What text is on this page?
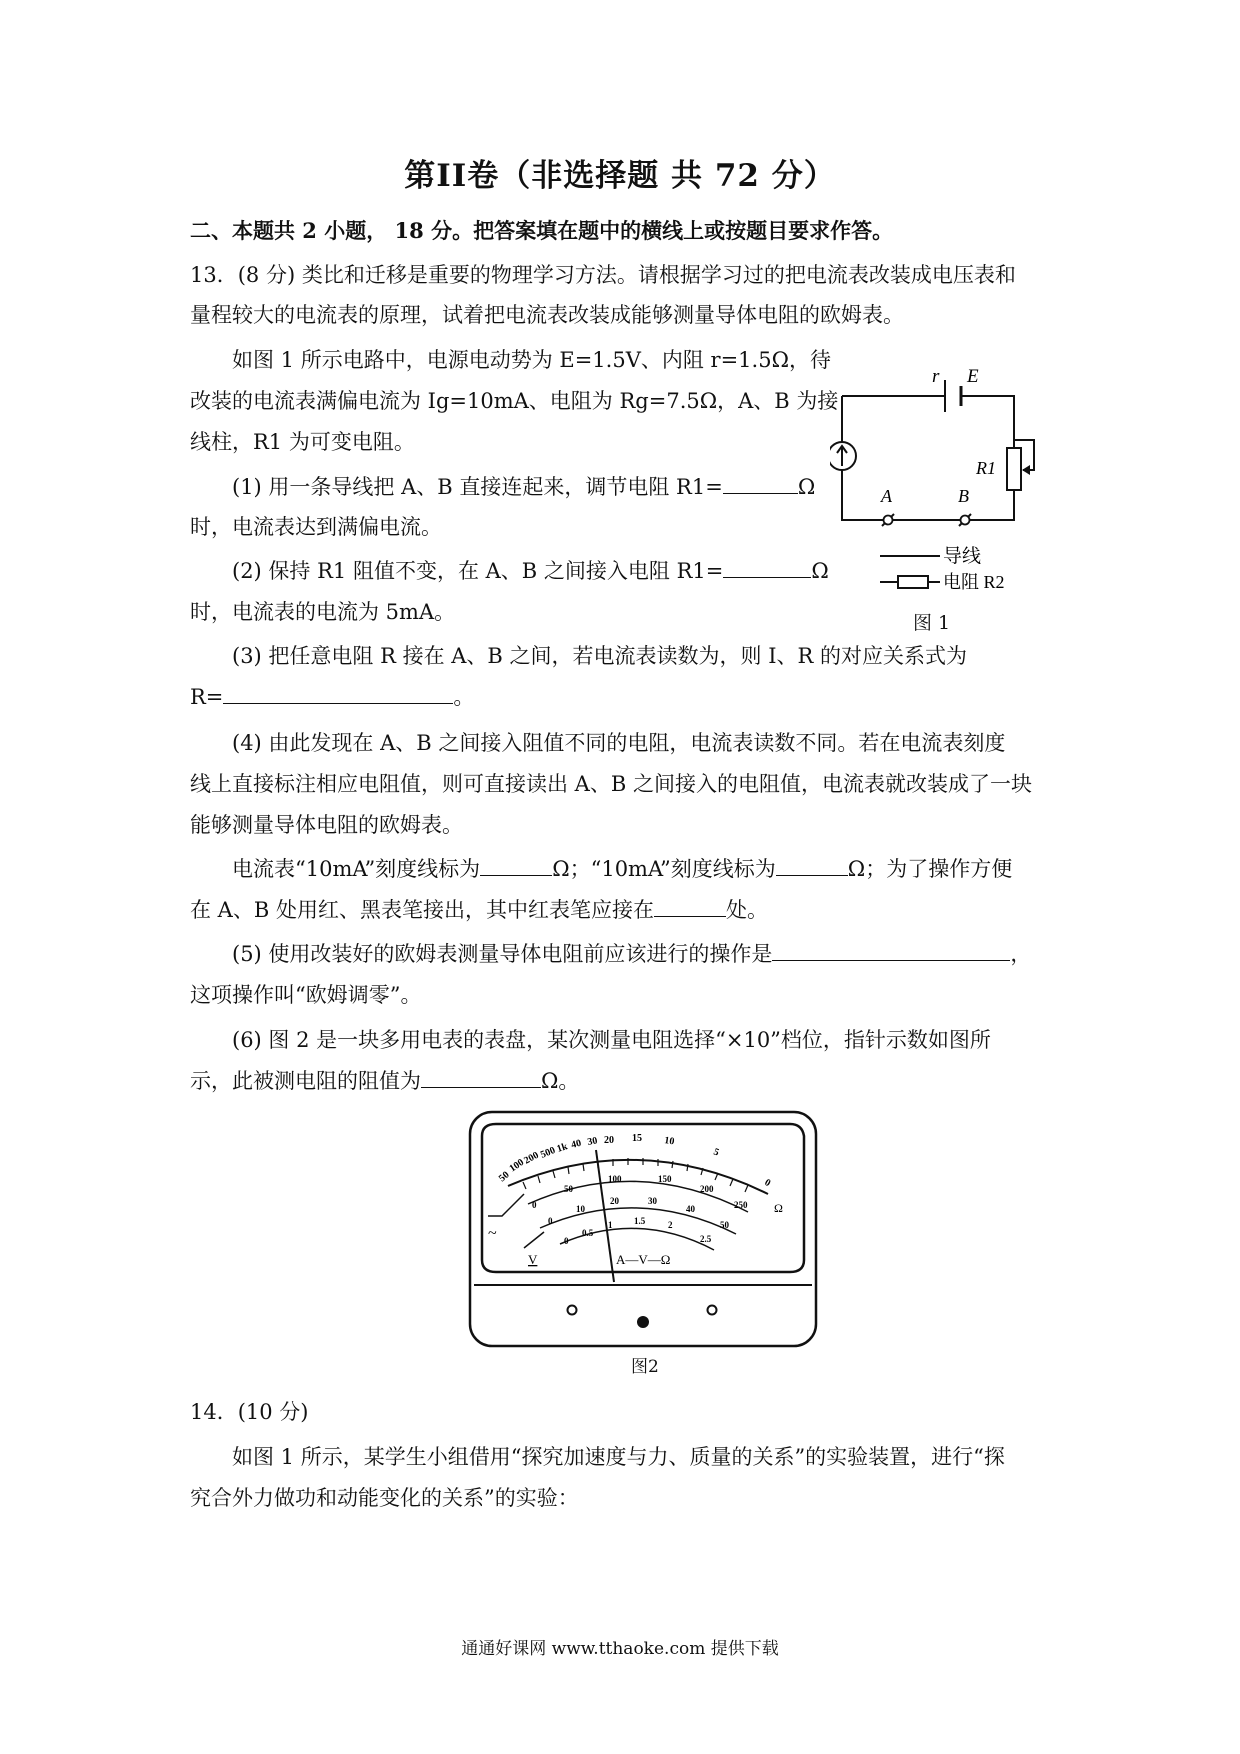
第II卷（非选择题 共 72 分）
二、本题共 2 小题， 18 分。把答案填在题中的横线上或按题目要求作答。
13．(8 分) 类比和迁移是重要的物理学习方法。请根据学习过的把电流表改装成电压表和
量程较大的电流表的原理，试着把电流表改装成能够测量导体电阻的欧姆表。
如图 1 所示电路中，电源电动势为 E=1.5V、内阻 r=1.5Ω，待
改装的电流表满偏电流为 Ig=10mA、电阻为 Rg=7.5Ω，A、B 为接
线柱，R1 为可变电阻。
(1) 用一条导线把 A、B 直接连起来，调节电阻 R1=	Ω
时，电流表达到满偏电流。
(2) 保持 R1 阻值不变，在 A、B 之间接入电阻 R1=	Ω
时，电流表的电流为 5mA。
(3) 把任意电阻 R 接在 A、B 之间，若电流表读数为，则 I、R 的对应关系式为
R=	。
(4) 由此发现在 A、B 之间接入阻值不同的电阻，电流表读数不同。若在电流表刻度
线上直接标注相应电阻值，则可直接读出 A、B 之间接入的电阻值，电流表就改装成了一块
能够测量导体电阻的欧姆表。
电流表“10mA”刻度线标为	Ω；“10mA”刻度线标为	Ω；为了操作方便
在 A、B 处用红、黑表笔接出，其中红表笔应接在	处。
(5) 使用改装好的欧姆表测量导体电阻前应该进行的操作是	，
这项操作叫“欧姆调零”。
(6) 图 2 是一块多用电表的表盘，某次测量电阻选择“×10”档位，指针示数如图所
示，此被测电阻的阻值为	Ω。
r E
R1
A	B
导线
电阻 R2
图 1
50
100
200
500
1k 40 30 20 15 10
5
0
0
50
100	150
200
250
0
10
20	30
40
50
0
0.5
1 1.5	2
2.5
Ω
~
V	A—V—Ω
图2
14．(10 分)
如图 1 所示，某学生小组借用“探究加速度与力、质量的关系”的实验装置，进行“探
究合外力做功和动能变化的关系”的实验：
通通好课网 www.tthaoke.com 提供下载
